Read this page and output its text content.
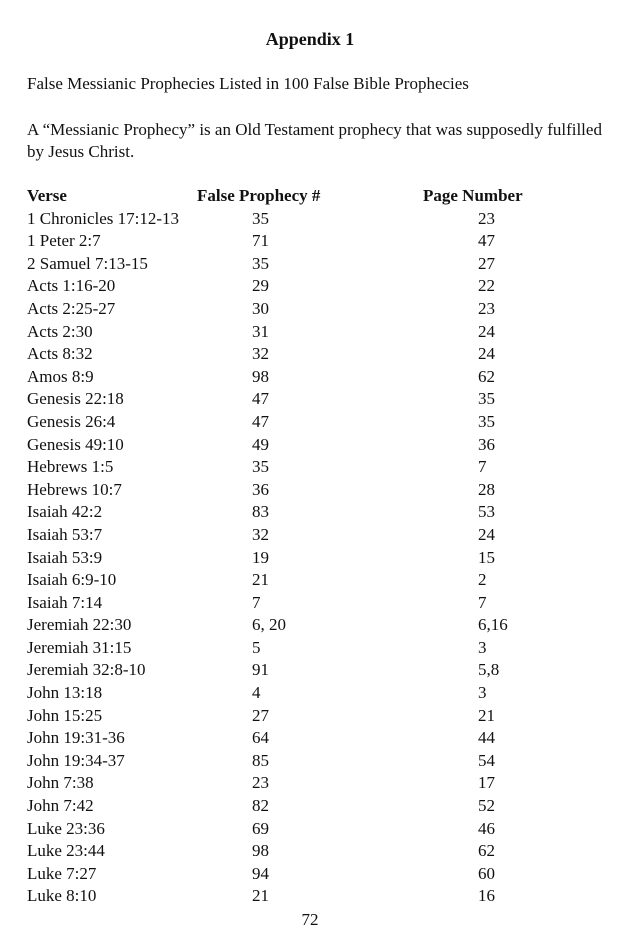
Appendix 1
False Messianic Prophecies Listed in 100 False Bible Prophecies
A “Messianic Prophecy” is an Old Testament prophecy that was supposedly fulfilled by Jesus Christ.
Verse	False Prophecy #	Page Number
1 Chronicles 17:12-13	35	23
1 Peter 2:7	71	47
2 Samuel 7:13-15	35	27
Acts 1:16-20	29	22
Acts 2:25-27	30	23
Acts 2:30	31	24
Acts 8:32	32	24
Amos 8:9	98	62
Genesis 22:18	47	35
Genesis 26:4	47	35
Genesis 49:10	49	36
Hebrews 1:5	35	7
Hebrews 10:7	36	28
Isaiah 42:2	83	53
Isaiah 53:7	32	24
Isaiah 53:9	19	15
Isaiah 6:9-10	21	2
Isaiah 7:14	7	7
Jeremiah 22:30	6, 20	6,16
Jeremiah 31:15	5	3
Jeremiah 32:8-10	91	5,8
John 13:18	4	3
John 15:25	27	21
John 19:31-36	64	44
John 19:34-37	85	54
John 7:38	23	17
John 7:42	82	52
Luke 23:36	69	46
Luke 23:44	98	62
Luke 7:27	94	60
Luke 8:10	21	16
72
